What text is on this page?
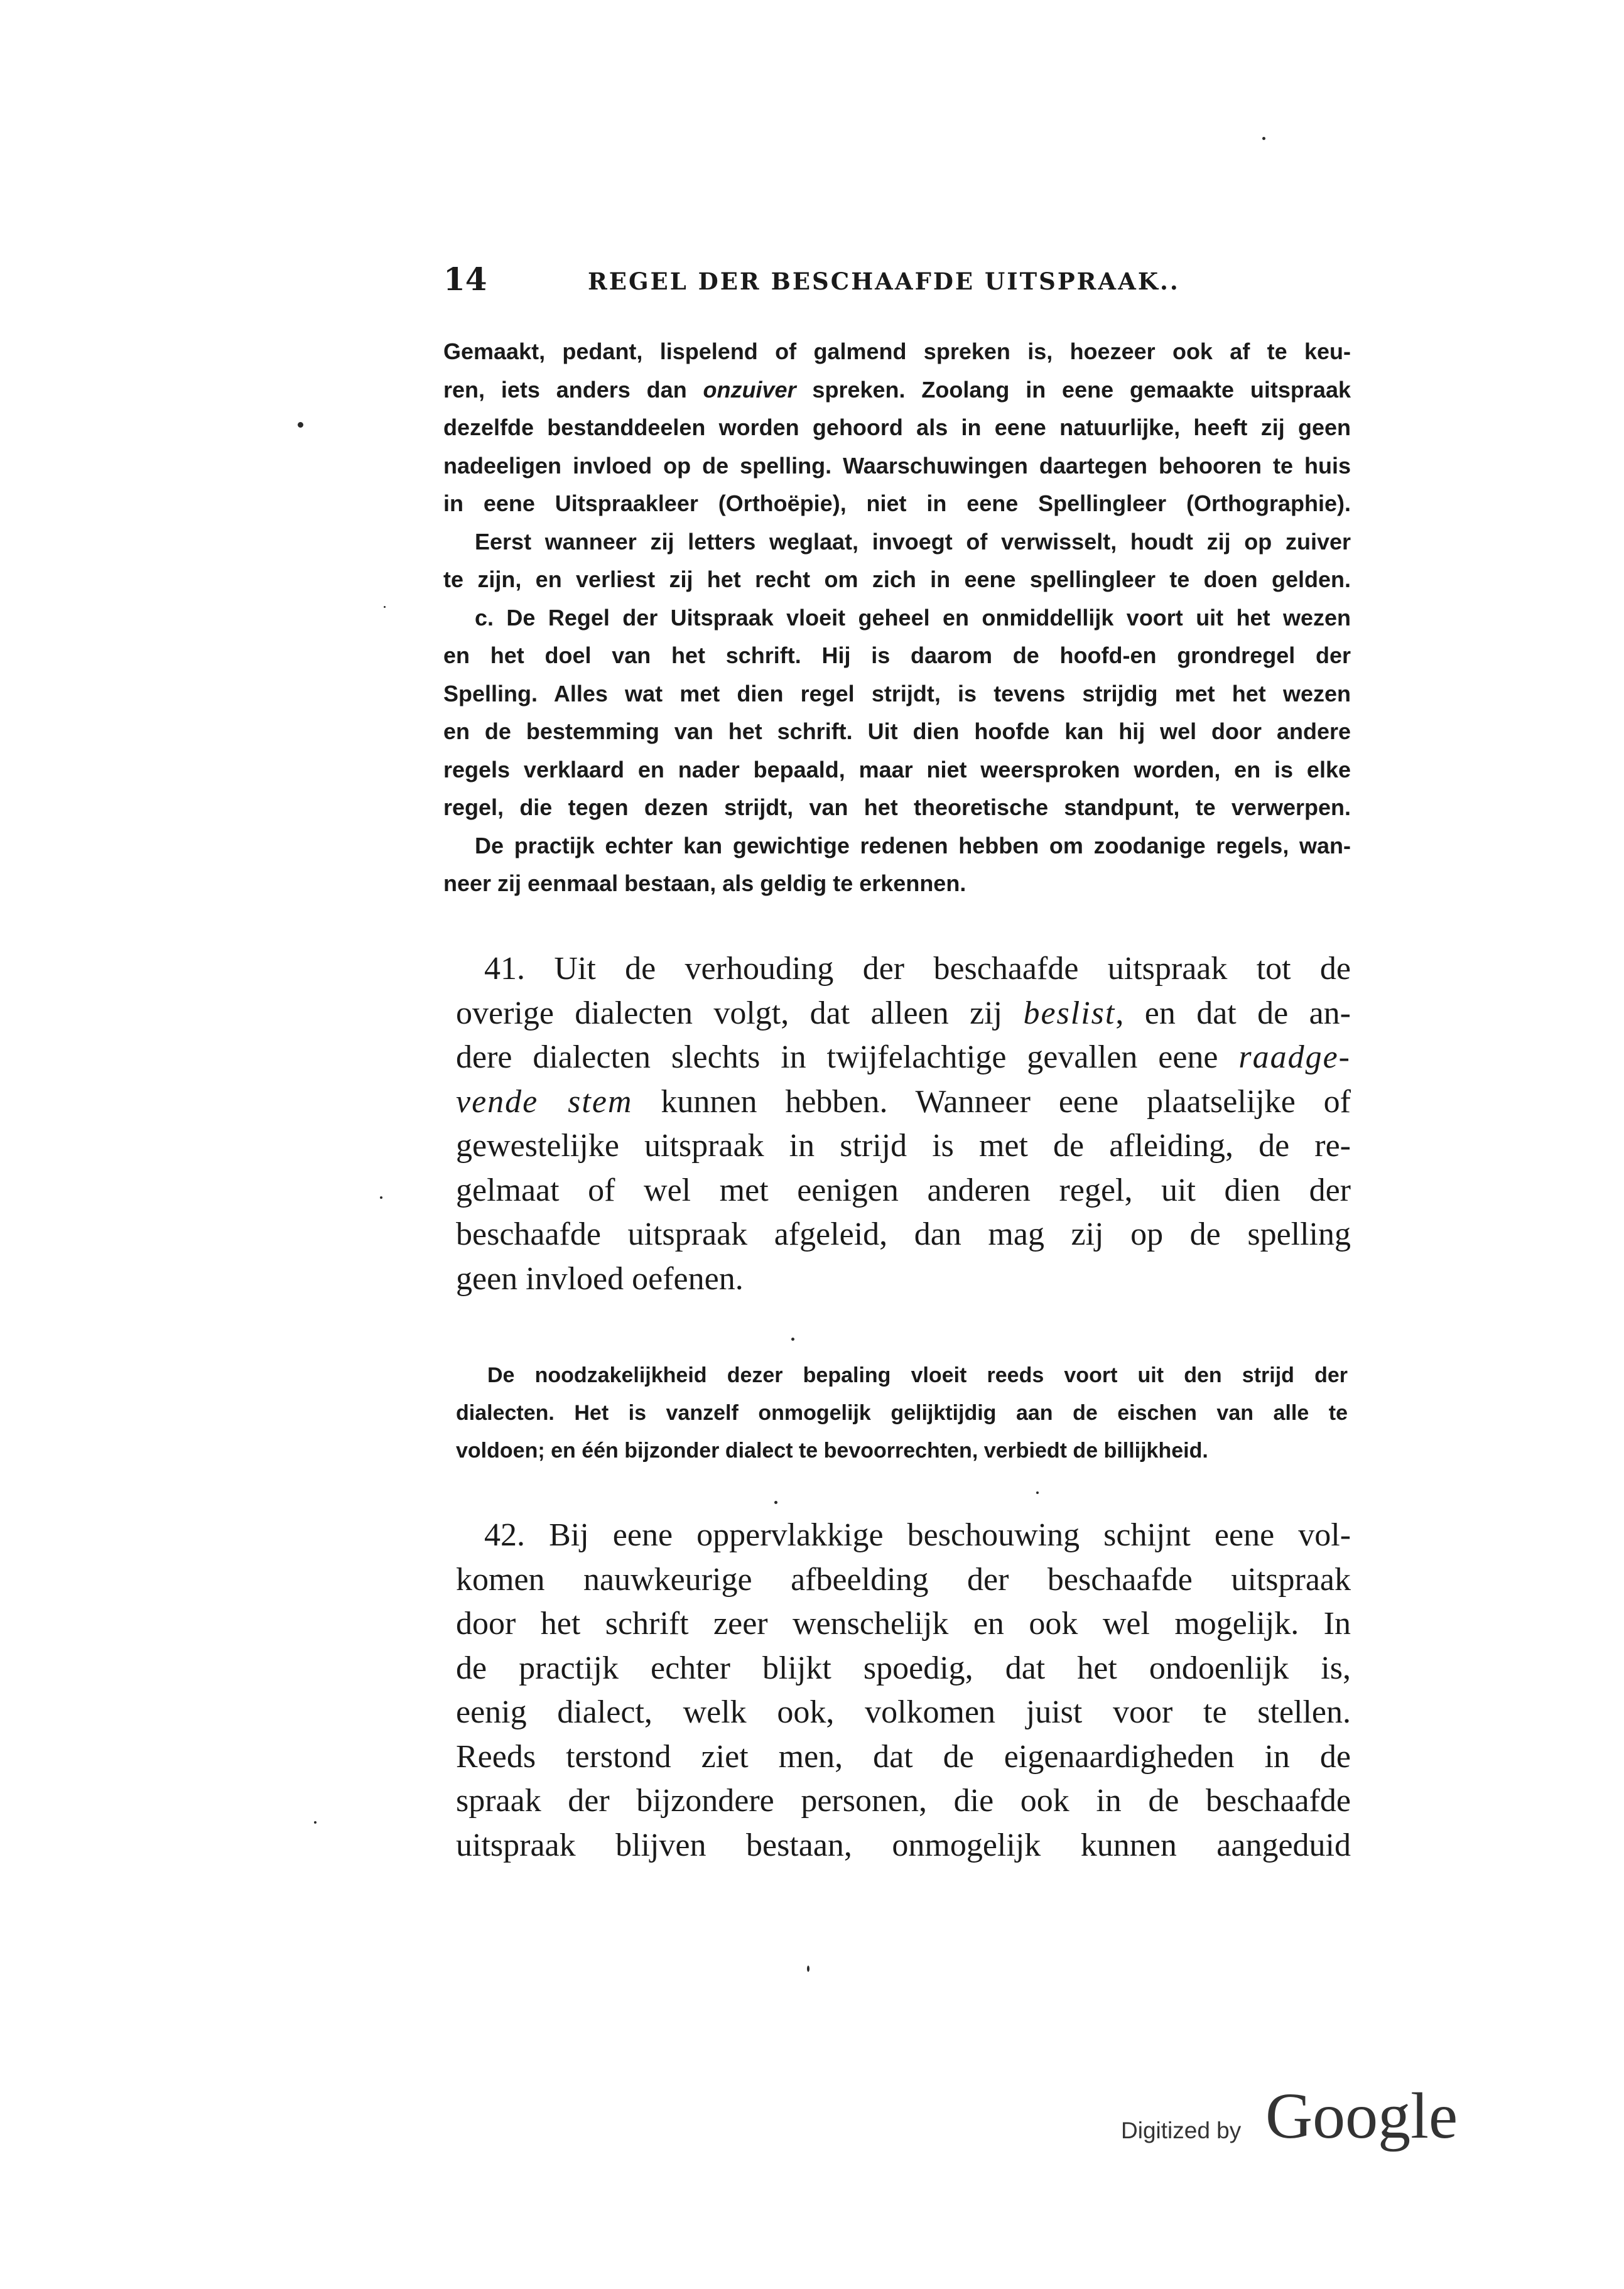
14	REGEL DER BESCHAAFDE UITSPRAAK..
Gemaakt, pedant, lispelend of galmend spreken is, hoezeer ook af te keu-
ren, iets anders dan onzuiver spreken. Zoolang in eene gemaakte uitspraak
dezelfde bestanddeelen worden gehoord als in eene natuurlijke, heeft zij geen
nadeeligen invloed op de spelling. Waarschuwingen daartegen behooren te huis
in eene Uitspraakleer (Orthoëpie), niet in eene Spellingleer (Orthographie).
Eerst wanneer zij letters weglaat, invoegt of verwisselt, houdt zij op zuiver
te zijn, en verliest zij het recht om zich in eene spellingleer te doen gelden.
c. De Regel der Uitspraak vloeit geheel en onmiddellijk voort uit het wezen
en het doel van het schrift. Hij is daarom de hoofd-en grondregel der
Spelling. Alles wat met dien regel strijdt, is tevens strijdig met het wezen
en de bestemming van het schrift. Uit dien hoofde kan hij wel door andere
regels verklaard en nader bepaald, maar niet weersproken worden, en is elke
regel, die tegen dezen strijdt, van het theoretische standpunt, te verwerpen.
De practijk echter kan gewichtige redenen hebben om zoodanige regels, wan-
neer zij eenmaal bestaan, als geldig te erkennen.
41. Uit de verhouding der beschaafde uitspraak tot de
overige dialecten volgt, dat alleen zij beslist, en dat de an-
dere dialecten slechts in twijfelachtige gevallen eene raadge-
vende stem kunnen hebben. Wanneer eene plaatselijke of
gewestelijke uitspraak in strijd is met de afleiding, de re-
gelmaat of wel met eenigen anderen regel, uit dien der
beschaafde uitspraak afgeleid, dan mag zij op de spelling
geen invloed oefenen.
De noodzakelijkheid dezer bepaling vloeit reeds voort uit den strijd der
dialecten. Het is vanzelf onmogelijk gelijktijdig aan de eischen van alle te
voldoen; en één bijzonder dialect te bevoorrechten, verbiedt de billijkheid.
42. Bij eene oppervlakkige beschouwing schijnt eene vol-
komen nauwkeurige afbeelding der beschaafde uitspraak
door het schrift zeer wenschelijk en ook wel mogelijk. In
de practijk echter blijkt spoedig, dat het ondoenlijk is,
eenig dialect, welk ook, volkomen juist voor te stellen.
Reeds terstond ziet men, dat de eigenaardigheden in de
spraak der bijzondere personen, die ook in de beschaafde
uitspraak blijven bestaan, onmogelijk kunnen aangeduid
Digitized by Google
